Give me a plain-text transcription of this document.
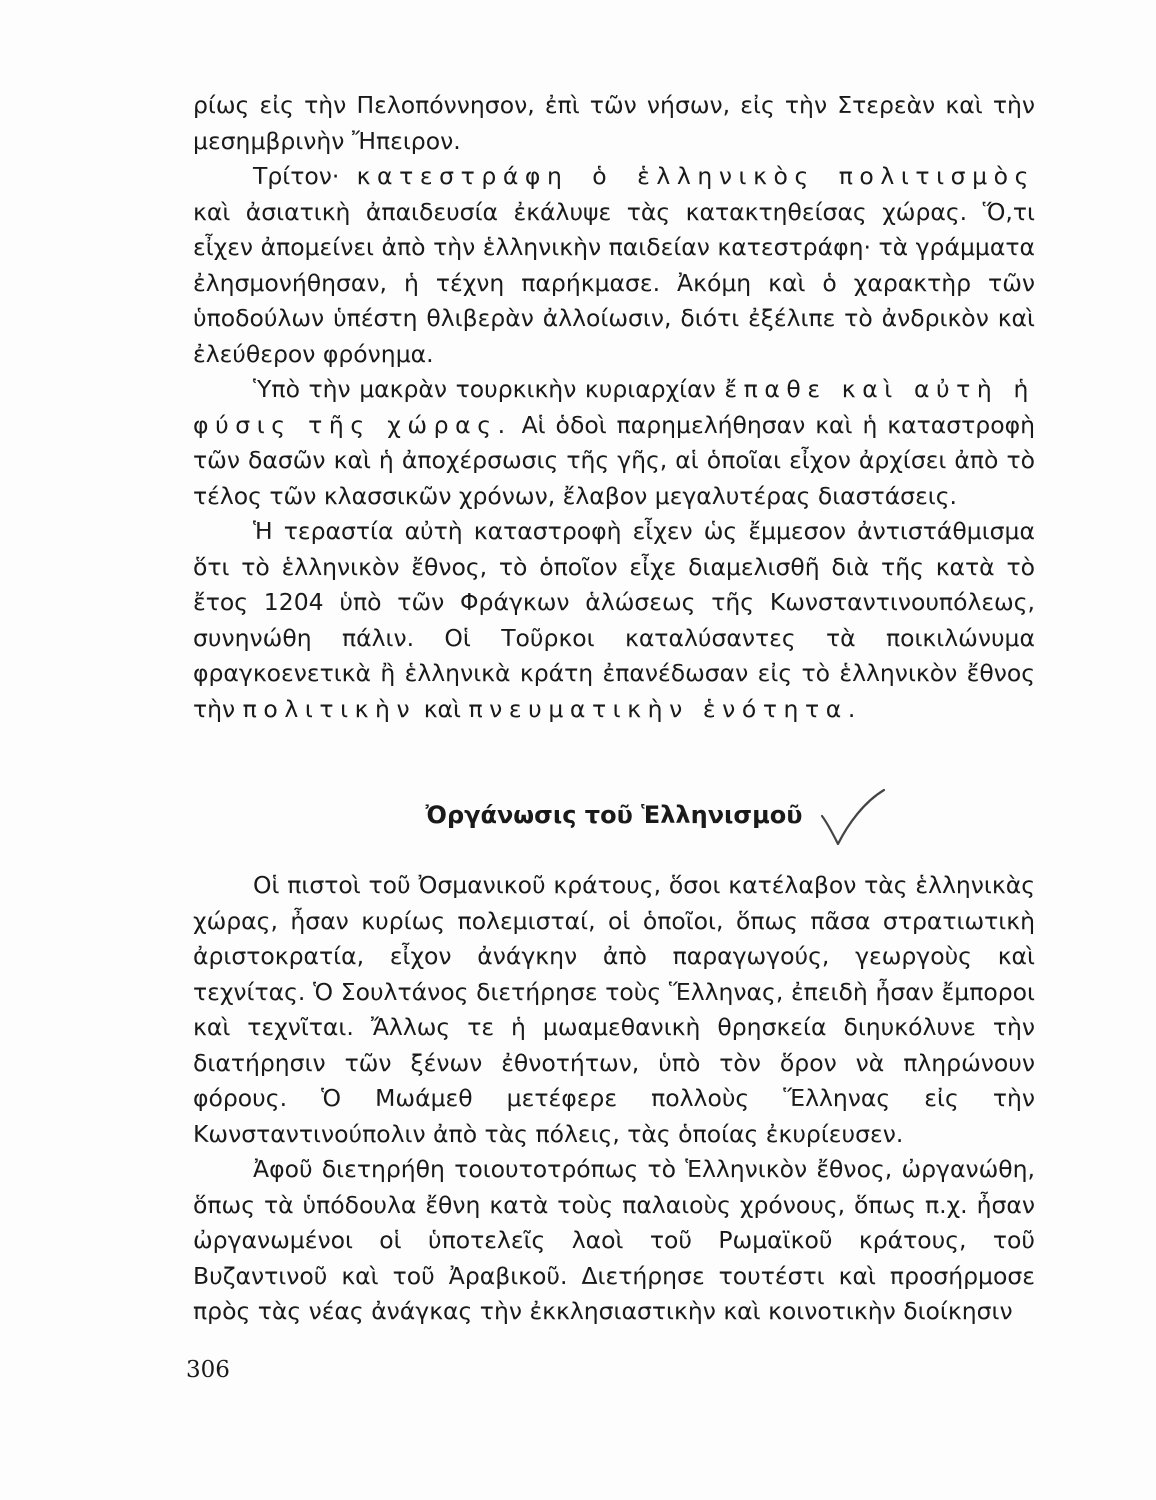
ρίως εἰς τὴν Πελοπόννησον, ἐπὶ τῶν νήσων, εἰς τὴν Στερεὰν καὶ τὴν μεσημβρινὴν Ἤπειρον.

Τρίτον· κατεστράφη ὁ ἑλληνικὸς πολιτισμὸς καὶ ἀσιατικὴ ἀπαιδευσία ἐκάλυψε τὰς κατακτηθείσας χώρας. Ὅ,τι εἶχεν ἀπομείνει ἀπὸ τὴν ἑλληνικὴν παιδείαν κατεστράφη· τὰ γράμματα ἐλησμονήθησαν, ἡ τέχνη παρήκμασε. Ἀκόμη καὶ ὁ χαρακτὴρ τῶν ὑποδούλων ὑπέστη θλιβερὰν ἀλλοίωσιν, διότι ἐξέλιπε τὸ ἀνδρικὸν καὶ ἐλεύθερον φρόνημα.

Ὑπὸ τὴν μακρὰν τουρκικὴν κυριαρχίαν ἔπαθε καὶ αὐτὴ ἡ φύσις τῆς χώρας. Αἱ ὁδοὶ παρημελήθησαν καὶ ἡ καταστροφὴ τῶν δασῶν καὶ ἡ ἀποχέρσωσις τῆς γῆς, αἱ ὁποῖαι εἶχον ἀρχίσει ἀπὸ τὸ τέλος τῶν κλασσικῶν χρόνων, ἔλαβον μεγαλυτέρας διαστάσεις.

Ἡ τεραστία αὐτὴ καταστροφὴ εἶχεν ὡς ἔμμεσον ἀντιστάθμισμα ὅτι τὸ ἑλληνικὸν ἔθνος, τὸ ὁποῖον εἶχε διαμελισθῆ διὰ τῆς κατὰ τὸ ἔτος 1204 ὑπὸ τῶν Φράγκων ἁλώσεως τῆς Κωνσταντινουπόλεως, συνηνώθη πάλιν. Οἱ Τοῦρκοι καταλύσαντες τὰ ποικιλώνυμα φραγκοενετικὰ ἢ ἑλληνικὰ κράτη ἐπανέδωσαν εἰς τὸ ἑλληνικὸν ἔθνος τὴν πολιτικὴν καὶ πνευματικὴν ἑνότητα.

Ὀργάνωσις τοῦ Ἑλληνισμοῦ

Οἱ πιστοὶ τοῦ Ὀσμανικοῦ κράτους, ὅσοι κατέλαβον τὰς ἑλληνικὰς χώρας, ἦσαν κυρίως πολεμισταί, οἱ ὁποῖοι, ὅπως πᾶσα στρατιωτικὴ ἀριστοκρατία, εἶχον ἀνάγκην ἀπὸ παραγωγούς, γεωργοὺς καὶ τεχνίτας. Ὁ Σουλτάνος διετήρησε τοὺς Ἕλληνας, ἐπειδὴ ἦσαν ἔμποροι καὶ τεχνῖται. Ἄλλως τε ἡ μωαμεθανικὴ θρησκεία διηυκόλυνε τὴν διατήρησιν τῶν ξένων ἐθνοτήτων, ὑπὸ τὸν ὅρον νὰ πληρώνουν φόρους. Ὁ Μωάμεθ μετέφερε πολλοὺς Ἕλληνας εἰς τὴν Κωνσταντινούπολιν ἀπὸ τὰς πόλεις, τὰς ὁποίας ἐκυρίευσεν.

Ἀφοῦ διετηρήθη τοιουτοτρόπως τὸ Ἑλληνικὸν ἔθνος, ὠργανώθη, ὅπως τὰ ὑπόδουλα ἔθνη κατὰ τοὺς παλαιοὺς χρόνους, ὅπως π.χ. ἦσαν ὠργανωμένοι οἱ ὑποτελεῖς λαοὶ τοῦ Ρωμαϊκοῦ κράτους, τοῦ Βυζαντινοῦ καὶ τοῦ Ἀραβικοῦ. Διετήρησε τουτέστι καὶ προσήρμοσε πρὸς τὰς νέας ἀνάγκας τὴν ἐκκλησιαστικὴν καὶ κοινοτικὴν διοίκησιν

306
